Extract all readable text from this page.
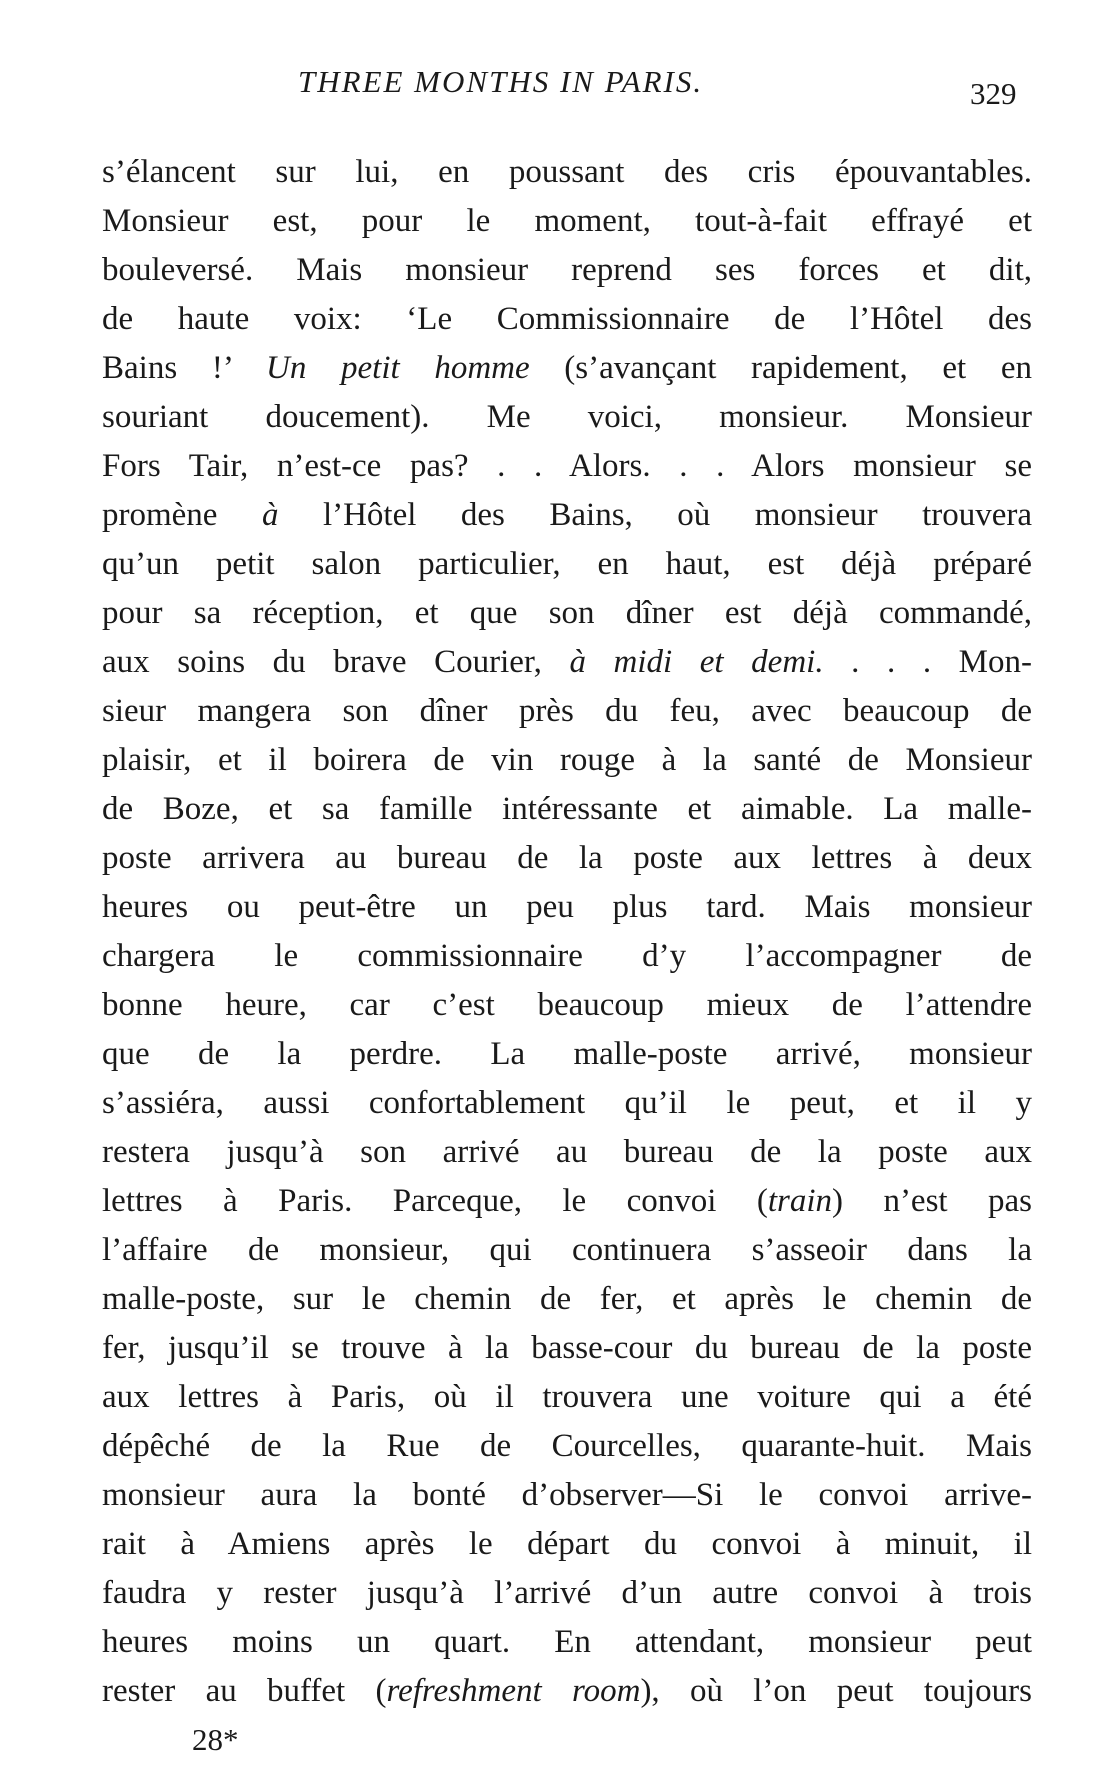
THREE MONTHS IN PARIS.	329
s’élancent sur lui, en poussant des cris épouvantables.
Monsieur est, pour le moment, tout-à-fait effrayé et
bouleversé. Mais monsieur reprend ses forces et dit,
de haute voix: ‘Le Commissionnaire de l’Hôtel des
Bains !’ Un petit homme (s’avançant rapidement, et en
souriant doucement). Me voici, monsieur. Monsieur
Fors Tair, n’est-ce pas? . . Alors. . . Alors monsieur se
promène à l’Hôtel des Bains, où monsieur trouvera
qu’un petit salon particulier, en haut, est déjà préparé
pour sa réception, et que son dîner est déjà commandé,
aux soins du brave Courier, à midi et demi. . . . Mon-
sieur mangera son dîner près du feu, avec beaucoup de
plaisir, et il boirera de vin rouge à la santé de Monsieur
de Boze, et sa famille intéressante et aimable. La malle-
poste arrivera au bureau de la poste aux lettres à deux
heures ou peut-être un peu plus tard. Mais monsieur
chargera le commissionnaire d’y l’accompagner de
bonne heure, car c’est beaucoup mieux de l’attendre
que de la perdre. La malle-poste arrivé, monsieur
s’assiéra, aussi confortablement qu’il le peut, et il y
restera jusqu’à son arrivé au bureau de la poste aux
lettres à Paris. Parceque, le convoi (train) n’est pas
l’affaire de monsieur, qui continuera s’asseoir dans la
malle-poste, sur le chemin de fer, et après le chemin de
fer, jusqu’il se trouve à la basse-cour du bureau de la poste
aux lettres à Paris, où il trouvera une voiture qui a été
dépêché de la Rue de Courcelles, quarante-huit. Mais
monsieur aura la bonté d’observer—Si le convoi arrive-
rait à Amiens après le départ du convoi à minuit, il
faudra y rester jusqu’à l’arrivé d’un autre convoi à trois
heures moins un quart. En attendant, monsieur peut
rester au buffet (refreshment room), où l’on peut toujours
28*
